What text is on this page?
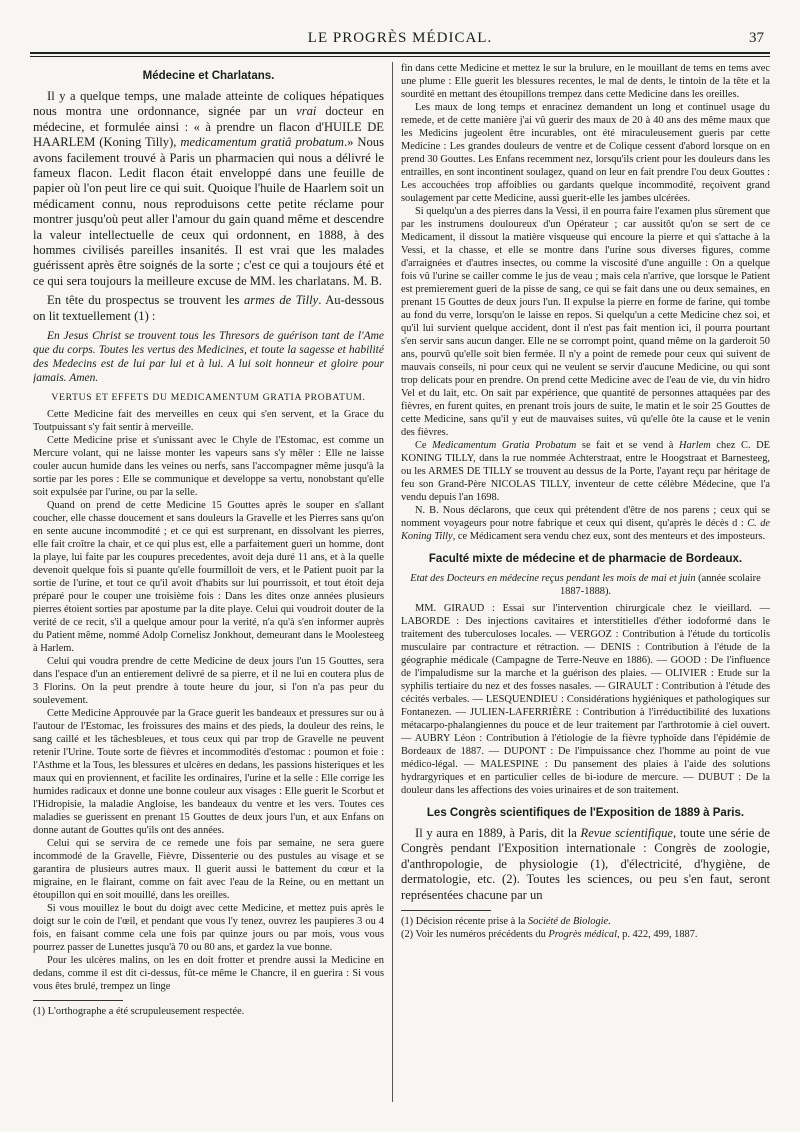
LE PROGRÈS MÉDICAL.	37
Médecine et Charlatans.

Il y a quelque temps, une malade atteinte de coliques hépatiques nous montra une ordonnance, signée par un vrai docteur en médecine, et formulée ainsi : « à prendre un flacon d'HUILE DE HAARLEM (Koning Tilly), medicamentum gratiâ probatum.» Nous avons facilement trouvé à Paris un pharmacien qui nous a délivré le fameux flacon. Ledit flacon était enveloppé dans une feuille de papier où l'on peut lire ce qui suit. Quoique l'huile de Haarlem soit un médicament connu, nous reproduisons cette petite réclame pour montrer jusqu'où peut aller l'amour du gain quand même et descendre la valeur intellectuelle de ceux qui ordonnent, en 1888, à des hommes civilisés pareilles insanités. Il est vrai que les malades guérissent après être soignés de la sorte ; c'est ce qui a toujours été et ce qui sera toujours la meilleure excuse de MM. les charlatans. M. B.

En tête du prospectus se trouvent les armes de Tilly. Au-dessous on lit textuellement (1) :

En Jesus Christ se trouvent tous les Thresors de guérison tant de l'Ame que du corps. Toutes les vertus des Medicines, et toute la sagesse et habilité des Medecins est de lui par lui et à lui. A lui soit honneur et gloire pour jamais. Amen.

VERTUS ET EFFETS DU MEDICAMENTUM GRATIA PROBATUM.

Cette Medicine fait des merveilles en ceux qui s'en servent, et la Grace du Toutpuissant s'y fait sentir à merveille.

Cette Medicine prise et s'unissant avec le Chyle de l'Estomac, est comme un Mercure volant, qui ne laisse monter les vapeurs sans s'y mêler : Elle ne laisse couler aucun humide dans les veines ou nerfs, sans l'accompagner même jusqu'à la sortie par les pores : Elle se communique et developpe sa vertu, nonobstant qu'elle soit expulsée par l'urine, ou par la selle.

Quand on prend de cette Medicine 15 Gouttes après le souper en s'allant coucher, elle chasse doucement et sans douleurs la Gravelle et les Pierres sans qu'on en sente aucune incommodité ; et ce qui est surprenant, en dissolvant les pierres, elle fait croître la chair, et ce qui plus est, elle a parfaitement gueri un homme, dont la playe, lui faite par les coupures precedentes, avoit deja duré 11 ans, et à la quelle devenoit quelque fois si puante qu'elle fourmilloit de vers, et le Patient puoit par la sortie de l'urine, et tout ce qu'il avoit d'habits sur lui pourrissoit, et tout étoit deja préparé pour le couper une troisième fois : Dans les dites onze années plusieurs pierres étoient sorties par apostume par la dite playe. Celui qui voudroit douter de la verité de ce recit, s'il a quelque amour pour la verité, n'a qu'à s'en informer auprès du Patient même, nommé Adolp Cornelisz Jonkhout, demeurant dans le Moolesteeg à Harlem.

Celui qui voudra prendre de cette Medicine de deux jours l'un 15 Gouttes, sera dans l'espace d'un an entierement delivré de sa pierre, et il ne lui en coutera plus de 3 Florins. On la peut prendre à toute heure du jour, si l'on n'a pas peur du soulevement.

Cette Medicine Approuvée par la Grace guerit les bandeaux et pressures sur ou à l'autour de l'Estomac, les froissures des mains et des pieds, la douleur des reins, le sang caillé et les tâchesbleues, et tous ceux qui par trop de Gravelle ne peuvent retenir l'Urine. Toute sorte de fièvres et incommodités d'estomac : poumon et foie : l'Asthme et la Tous, les blessures et ulcères en dedans, les passions histeriques et les maux qui en proviennent, et facilite les ordinaires, l'urine et la selle : Elle corrige les humides radicaux et donne une bonne couleur aux visages : Elle guerit le Scorbut et l'Hidropisie, la maladie Angloise, les bandeaux du ventre et les vers. Toutes ces maladies se guerissent en prenant 15 Gouttes de deux jours l'un, et aux Enfans on donne autant de Gouttes qu'ils ont des années.

Celui qui se servira de ce remede une fois par semaine, ne sera guere incommodé de la Gravelle, Fièvre, Dissenterie ou des pustules au visage et se garantira de plusieurs autres maux. Il guerit aussi le battement du cœur et la migraine, en le flairant, comme on fait avec l'eau de la Reine, ou en mettant un étoupillon qui en soit mouillé, dans les oreilles.

Si vous mouillez le bout du doigt avec cette Medicine, et mettez puis après le doigt sur le coin de l'œil, et pendant que vous l'y tenez, ouvrez les paupieres 3 ou 4 fois, en faisant comme cela une fois par quinze jours ou par mois, vous vous pourrez passer de Lunettes jusqu'à 70 ou 80 ans, et gardez la vue bonne.

Pour les ulcères malins, on les en doit frotter et prendre aussi la Medicine en dedans, comme il est dit ci-dessus, fût-ce même le Chancre, il en guerira : Si vous vous êtes brulé, trempez un linge

(1) L'orthographe a été scrupuleusement respectée.

fin dans cette Medicine et mettez le sur la brulure, en le mouillant de tems en tems avec une plume : Elle guerit les blessures recentes, le mal de dents, le tintoin de la tête et la sourdité en mettant des étoupillons trempez dans cette Medicine dans les oreilles.

Les maux de long temps et enracinez demandent un long et continuel usage du remede, et de cette manière j'ai vû guerir des maux de 20 à 40 ans des même maux que les Medicins jugeolent être incurables, ont été miraculeusement gueris par cette Medicine : Les grandes douleurs de ventre et de Colique cessent d'abord lorsque on en prend 30 Gouttes. Les Enfans recemment nez, lorsqu'ils crient pour les douleurs dans les entrailles, en sont incontinent soulagez, quand on leur en fait prendre l'ou deux Gouttes : Les accouchées trop affoiblies ou gardants quelque incommodité, reçoivent grand soulagement par cette Medicine, aussi guerit-elle les jambes ulcérées.

Si quelqu'un a des pierres dans la Vessi, il en pourra faire l'examen plus sûrement que par les instrumens douloureux d'un Opérateur ; car aussitôt qu'on se sert de ce Medicament, il dissout la matière visqueuse qui encoure la pierre et qui s'attache à la Vessi, et la chasse, et elle se montre dans l'urine sous diverses figures, comme d'arraignées et d'autres insectes, ou comme la viscosité d'une anguille : On a quelque fois vû l'urine se cailler comme le jus de veau ; mais cela n'arrive, que lorsque le Patient est premierement gueri de la pisse de sang, ce qui se fait dans une ou deux semaines, en prenant 15 Gouttes de deux jours l'un. Il expulse la pierre en forme de farine, qui tombe au fond du verre, lorsqu'on le laisse en repos. Si quelqu'un a cette Medicine chez soi, et qu'il lui survient quelque accident, dont il n'est pas fait mention ici, il pourra pourtant s'en servir sans aucun danger. Elle ne se corrompt point, quand même on la garderoit 50 ans, pourvû qu'elle soit bien fermée. Il n'y a point de remede pour ceux qui suivent de mauvais conseils, ni pour ceux qui ne veulent se servir d'aucune Medicine, ou qui sont trop delicats pour en prendre. On prend cette Medicine avec de l'eau de vie, du vin hidro Vel et du lait, etc. On sait par expérience, que quantité de personnes attaquées par des fièvres, en furent quites, en prenant trois jours de suite, le matin et le soir 25 Gouttes de cette Medicine, sans qu'il y eut de mauvaises suites, vû qu'elle ôte la cause et le venin des fièvres.

Ce Medicamentum Gratia Probatum se fait et se vend à Harlem chez C. DE KONING TILLY, dans la rue nommée Achterstraat, entre le Hoogstraat et Barnesteeg, ou les ARMES DE TILLY se trouvent au dessus de la Porte, l'ayant reçu par héritage de feu son Grand-Père NICOLAS TILLY, inventeur de cette célèbre Médecine, que l'a vendu depuis l'an 1698.

N. B. Nous déclarons, que ceux qui prétendent d'être de nos parens ; ceux qui se nomment voyageurs pour notre fabrique et ceux qui disent, qu'après le décès d : C. de Koning Tilly, ce Médicament sera vendu chez eux, sont des menteurs et des imposteurs.

Faculté mixte de médecine et de pharmacie de Bordeaux.

Etat des Docteurs en médecine reçus pendant les mois de mai et juin (année scolaire 1887-1888).

MM. GIRAUD : Essai sur l'intervention chirurgicale chez le vieillard. — LABORDE : Des injections cavitaires et interstitielles d'éther iodoformé dans le traitement des tuberculoses locales. — VERGOZ : Contribution à l'étude du torticolis musculaire par contracture et rétraction. — DENIS : Contribution à l'étude de la géographie médicale (Campagne de Terre-Neuve en 1886). — GOOD : De l'influence de l'impaludisme sur la marche et la guérison des plaies. — OLIVIER : Etude sur la syphilis tertiaire du nez et des fosses nasales. — GIRAULT : Contribution à l'étude des cécités verbales. — LESQUENDIEU : Considérations hygiéniques et pathologiques sur Fontanezen. — JULIEN-LAFERRIÈRE : Contribution à l'irréductibilité des luxations métacarpo-phalangiennes du pouce et de leur traitement par l'arthrotomie à ciel ouvert. — AUBRY Léon : Contribution à l'étiologie de la fièvre typhoïde dans l'épidémie de Bordeaux de 1887. — DUPONT : De l'impuissance chez l'homme au point de vue médico-légal. — MALESPINE : Du pansement des plaies à l'aide des solutions hydrargyriques et en particulier celles de bi-iodure de mercure. — DUBUT : De la douleur dans les affections des voies urinaires et de son traitement.

Les Congrès scientifiques de l'Exposition de 1889 à Paris.

Il y aura en 1889, à Paris, dit la Revue scientifique, toute une série de Congrès pendant l'Exposition internationale : Congrès de zoologie, d'anthropologie, de physiologie (1), d'électricité, d'hygiène, de dermatologie, etc. (2). Toutes les sciences, ou peu s'en faut, seront représentées chacune par un

(1) Décision récente prise à la Société de Biologie.
(2) Voir les numéros précédents du Progrès médical, p. 422, 499, 1887.
